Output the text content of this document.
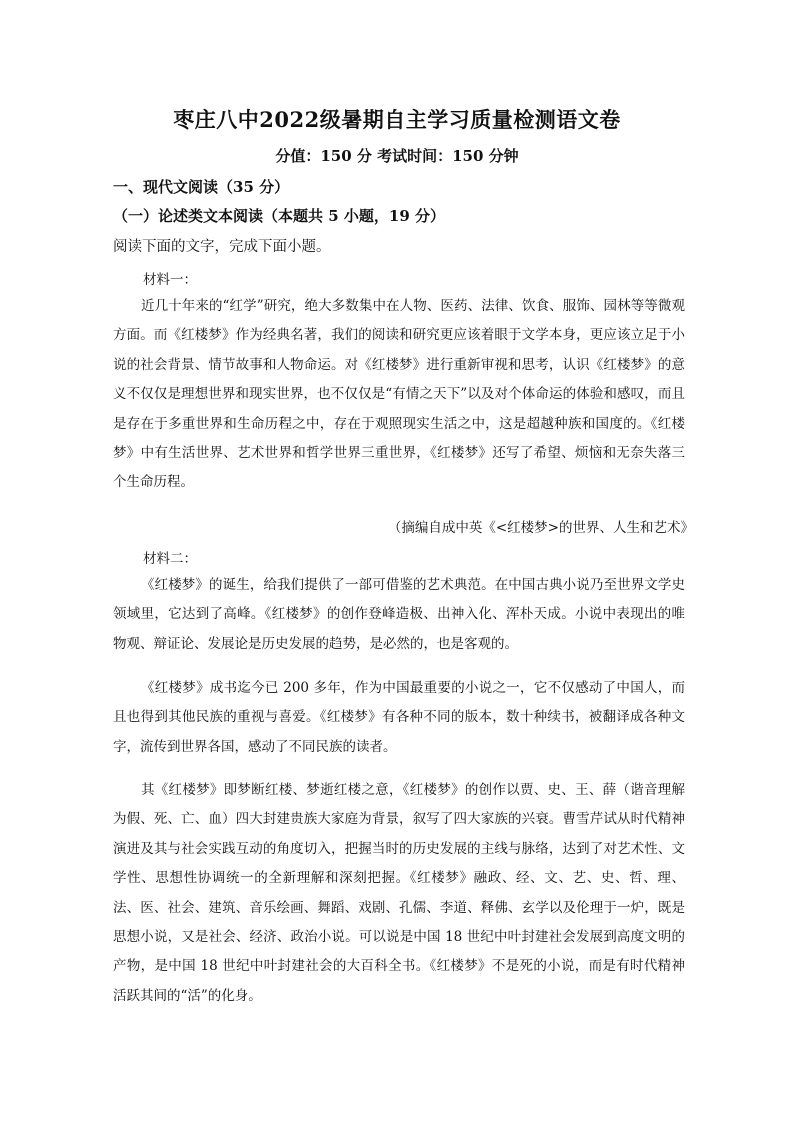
枣庄八中2022级暑期自主学习质量检测语文卷
分值：150 分 考试时间：150 分钟
一、现代文阅读（35 分）
（一）论述类文本阅读（本题共 5 小题，19 分）
阅读下面的文字，完成下面小题。
材料一：

近几十年来的“红学”研究，绝大多数集中在人物、医药、法律、饮食、服饰、园林等等微观方面。而《红楼梦》作为经典名著，我们的阅读和研究更应该着眼于文学本身，更应该立足于小说的社会背景、情节故事和人物命运。对《红楼梦》进行重新审视和思考，认识《红楼梦》的意义不仅仅是理想世界和现实世界，也不仅仅是“有情之天下”以及对个体命运的体验和感叹，而且是存在于多重世界和生命历程之中，存在于观照现实生活之中，这是超越种族和国度的。《红楼梦》中有生活世界、艺术世界和哲学世界三重世界，《红楼梦》还写了希望、烦恼和无奈失落三个生命历程。

（摘编自成中英《<红楼梦>的世界、人生和艺术》
材料二：

《红楼梦》的诞生，给我们提供了一部可借鉴的艺术典范。在中国古典小说乃至世界文学史领域里，它达到了高峰。《红楼梦》的创作登峰造极、出神入化、浑朴天成。小说中表现出的唯物观、辩证论、发展论是历史发展的趋势，是必然的，也是客观的。

《红楼梦》成书迄今已 200 多年，作为中国最重要的小说之一，它不仅感动了中国人，而且也得到其他民族的重视与喜爱。《红楼梦》有各种不同的版本，数十种续书，被翻译成各种文字，流传到世界各国，感动了不同民族的读者。

其《红楼梦》即梦断红楼、梦逝红楼之意，《红楼梦》的创作以贾、史、王、薛（谐音理解为假、死、亡、血）四大封建贵族大家庭为背景，叙写了四大家族的兴衰。曹雪芹试从时代精神演进及其与社会实践互动的角度切入，把握当时的历史发展的主线与脉络，达到了对艺术性、文学性、思想性协调统一的全新理解和深刻把握。《红楼梦》融政、经、文、艺、史、哲、理、法、医、社会、建筑、音乐绘画、舞蹈、戏剧、孔儒、李道、释佛、玄学以及伦理于一炉，既是思想小说，又是社会、经济、政治小说。可以说是中国 18 世纪中叶封建社会发展到高度文明的产物，是中国 18 世纪中叶封建社会的大百科全书。《红楼梦》不是死的小说，而是有时代精神活跃其间的“活”的化身。
